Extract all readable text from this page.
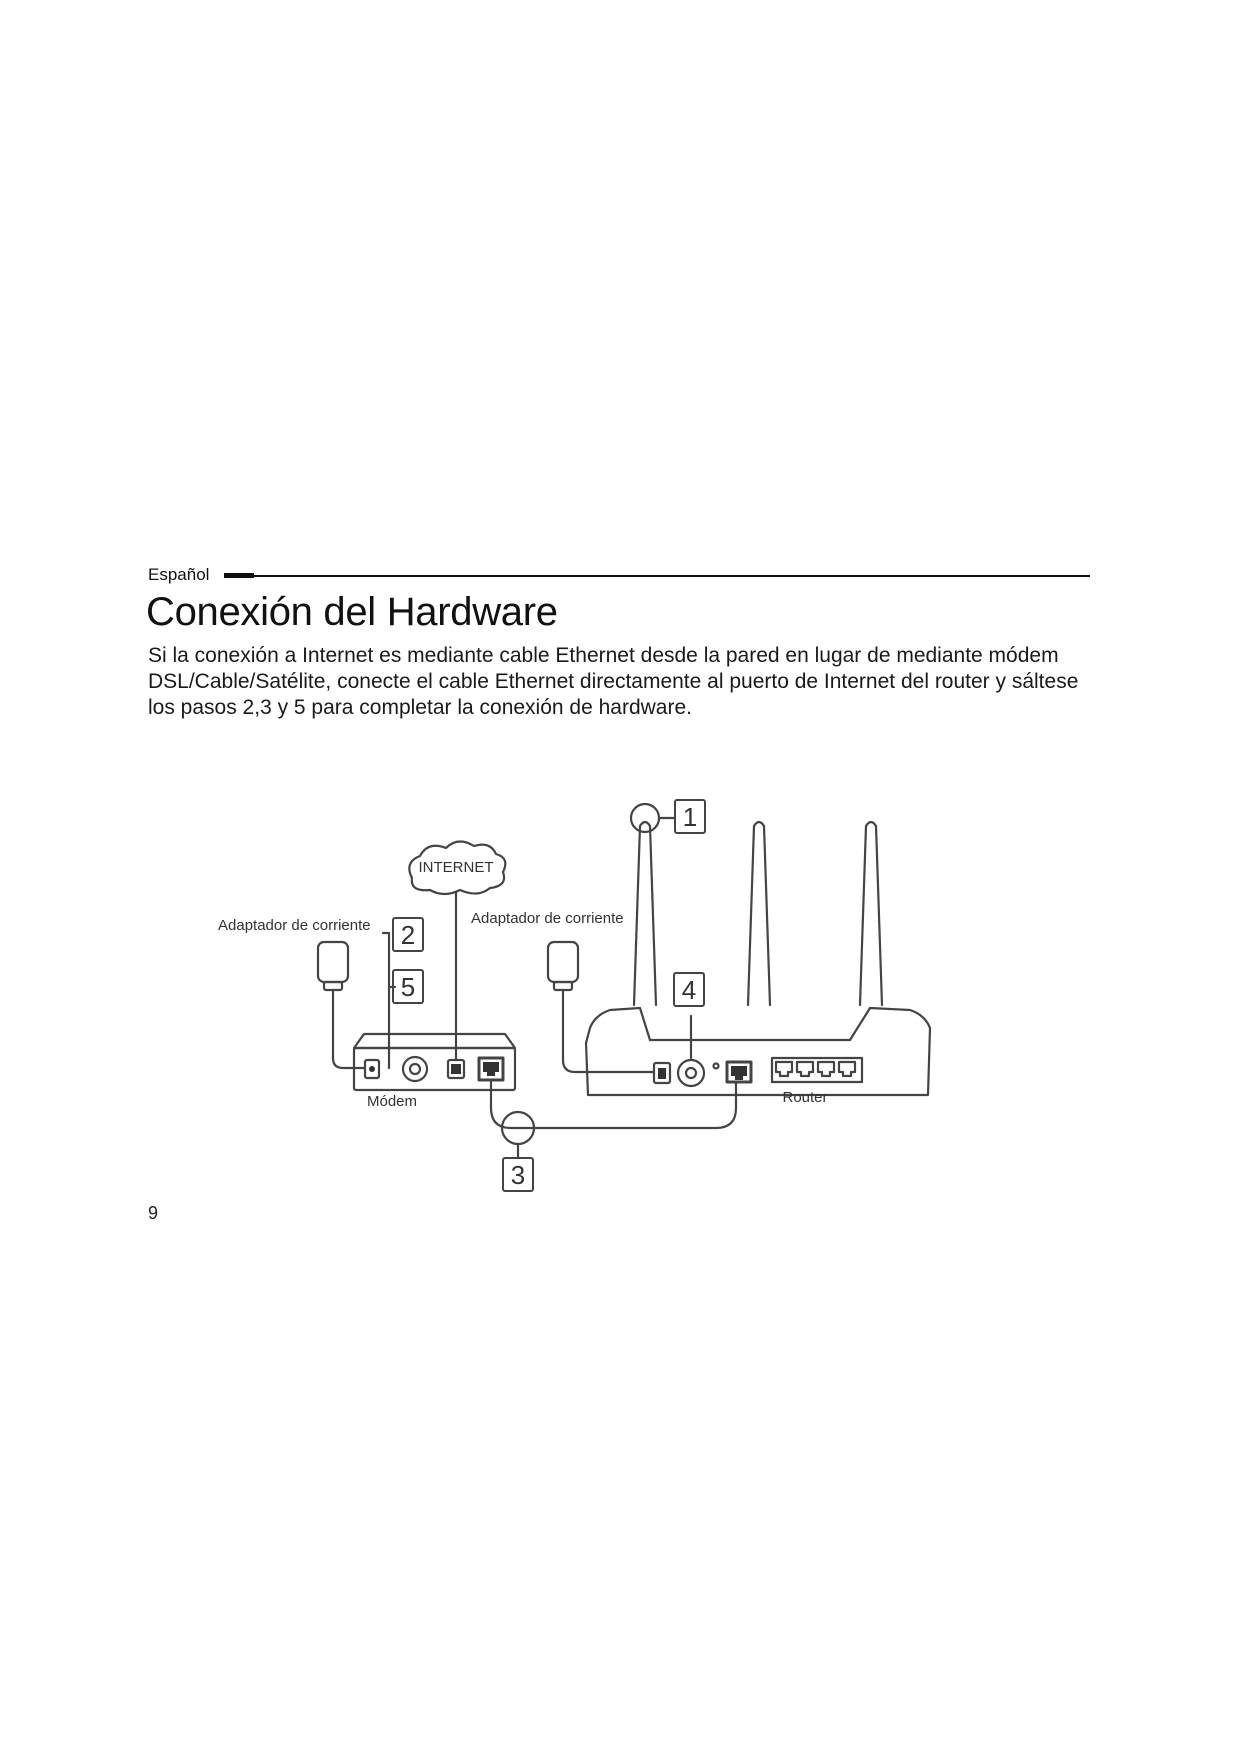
Español
Conexión del Hardware

Si la conexión a Internet es mediante cable Ethernet desde la pared en lugar de mediante módem DSL/Cable/Satélite, conecte el cable Ethernet directamente al puerto de Internet del router y sáltese los pasos 2,3 y 5 para completar la conexión de hardware.

1
2
5	4
3
INTERNET
Adaptador de corriente	Adaptador de corriente
Módem	Router
9
